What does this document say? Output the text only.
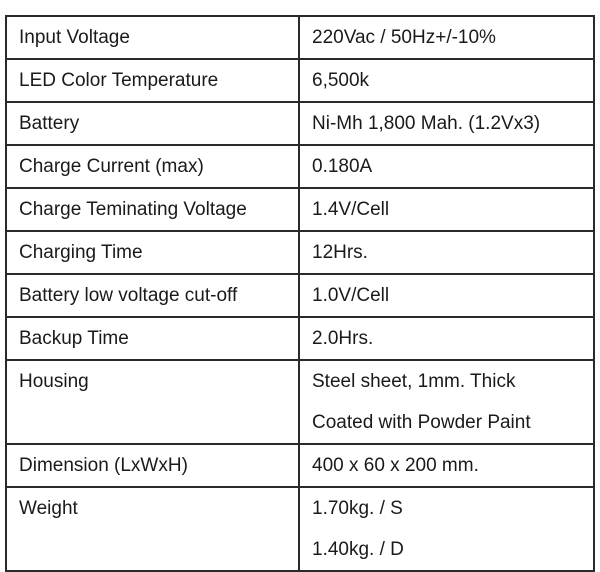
Input Voltage	220Vac / 50Hz+/-10%

LED Color Temperature	6,500k

Battery	Ni-Mh 1,800 Mah. (1.2Vx3)

Charge Current (max)	0.180A

Charge Teminating Voltage	1.4V/Cell

Charging Time	12Hrs.

Battery low voltage cut-off	1.0V/Cell

Backup Time	2.0Hrs.

Housing	Steel sheet, 1mm. Thick
Coated with Powder Paint

Dimension (LxWxH)	400 x 60 x 200 mm.

Weight	1.70kg. / S
1.40kg. / D
